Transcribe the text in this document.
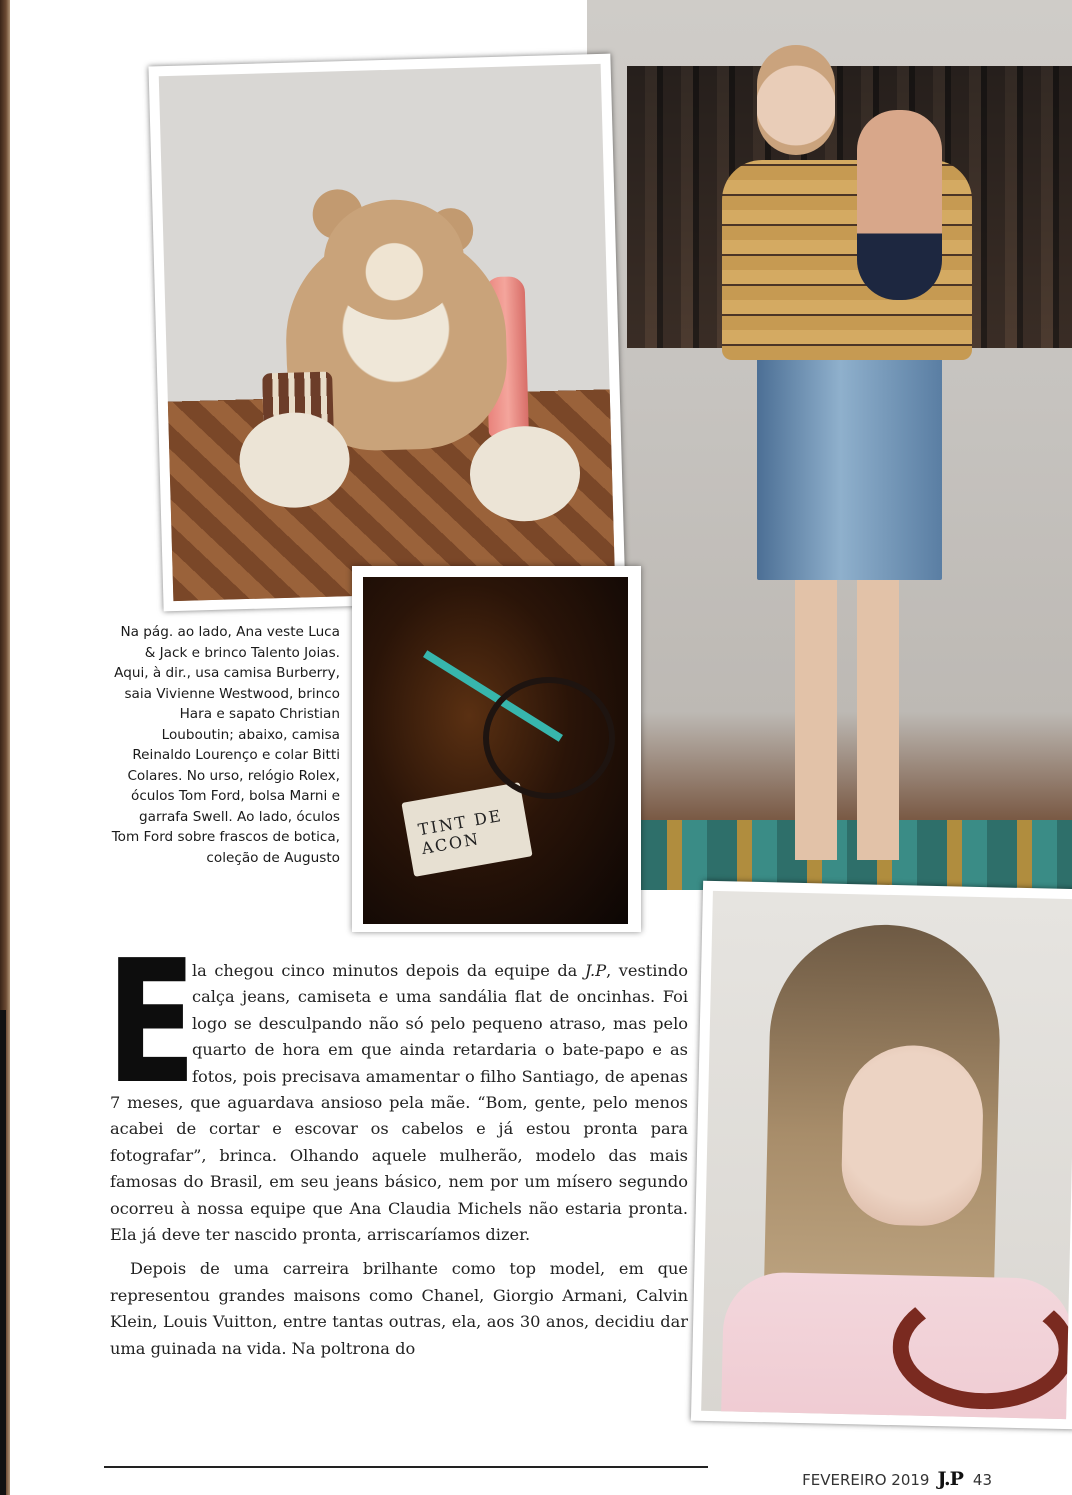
TINT DE ACON
Na pág. ao lado, Ana veste Luca & Jack e brinco Talento Joias. Aqui, à dir., usa camisa Burberry, saia Vivienne Westwood, brinco Hara e sapato Christian Louboutin; abaixo, camisa Reinaldo Lourenço e colar Bitti Colares. No urso, relógio Rolex, óculos Tom Ford, bolsa Marni e garrafa Swell. Ao lado, óculos Tom Ford sobre frascos de botica, coleção de Augusto

E
la chegou cinco minutos depois da equipe da J.P, vestindo calça jeans, camiseta e uma sandália flat de oncinhas. Foi logo se desculpando não só pelo pequeno atraso, mas pelo quarto de hora em que ainda retardaria o bate-papo e as fotos, pois precisava amamentar o filho Santiago, de apenas 7 meses, que aguardava ansioso pela mãe. “Bom, gente, pelo menos acabei de cortar e escovar os cabelos e já estou pronta para fotografar”, brinca. Olhando aquele mulherão, modelo das mais famosas do Brasil, em seu jeans básico, nem por um mísero segundo ocorreu à nossa equipe que Ana Claudia Michels não estaria pronta. Ela já deve ter nascido pronta, arriscaríamos dizer.

Depois de uma carreira brilhante como top model, em que representou grandes maisons como Chanel, Giorgio Armani, Calvin Klein, Louis Vuitton, entre tantas outras, ela, aos 30 anos, decidiu dar uma guinada na vida. Na poltrona do

FEVEREIRO 2019 J.P 43
